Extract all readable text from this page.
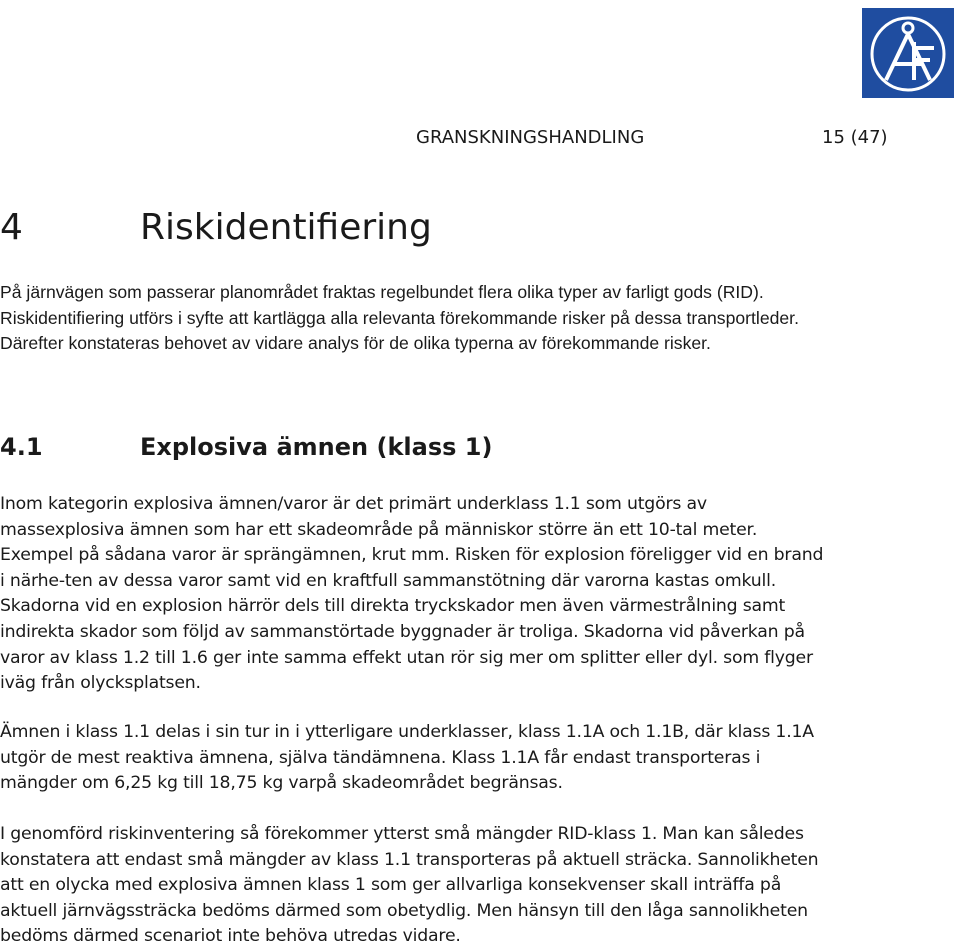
GRANSKNINGSHANDLING	15 (47)
4	Riskidentifiering

På järnvägen som passerar planområdet fraktas regelbundet flera olika typer av farligt gods (RID). Riskidentifiering utförs i syfte att kartlägga alla relevanta förekommande risker på dessa transportleder. Därefter konstateras behovet av vidare analys för de olika typerna av förekommande risker.

4.1	Explosiva ämnen (klass 1)

Inom kategorin explosiva ämnen/varor är det primärt underklass 1.1 som utgörs av massexplosiva ämnen som har ett skadeområde på människor större än ett 10-tal meter. Exempel på sådana varor är sprängämnen, krut mm. Risken för explosion föreligger vid en brand i närhe-ten av dessa varor samt vid en kraftfull sammanstötning där varorna kastas omkull. Skadorna vid en explosion härrör dels till direkta tryckskador men även värmestrålning samt indirekta skador som följd av sammanstörtade byggnader är troliga. Skadorna vid påverkan på varor av klass 1.2 till 1.6 ger inte samma effekt utan rör sig mer om splitter eller dyl. som flyger iväg från olycksplatsen.

Ämnen i klass 1.1 delas i sin tur in i ytterligare underklasser, klass 1.1A och 1.1B, där klass 1.1A utgör de mest reaktiva ämnena, själva tändämnena. Klass 1.1A får endast transporteras i mängder om 6,25 kg till 18,75 kg varpå skadeområdet begränsas.

I genomförd riskinventering så förekommer ytterst små mängder RID-klass 1. Man kan således konstatera att endast små mängder av klass 1.1 transporteras på aktuell sträcka. Sannolikheten att en olycka med explosiva ämnen klass 1 som ger allvarliga konsekvenser skall inträffa på aktuell järnvägssträcka bedöms därmed som obetydlig. Men hänsyn till den låga sannolikheten bedöms därmed scenariot inte behöva utredas vidare.
